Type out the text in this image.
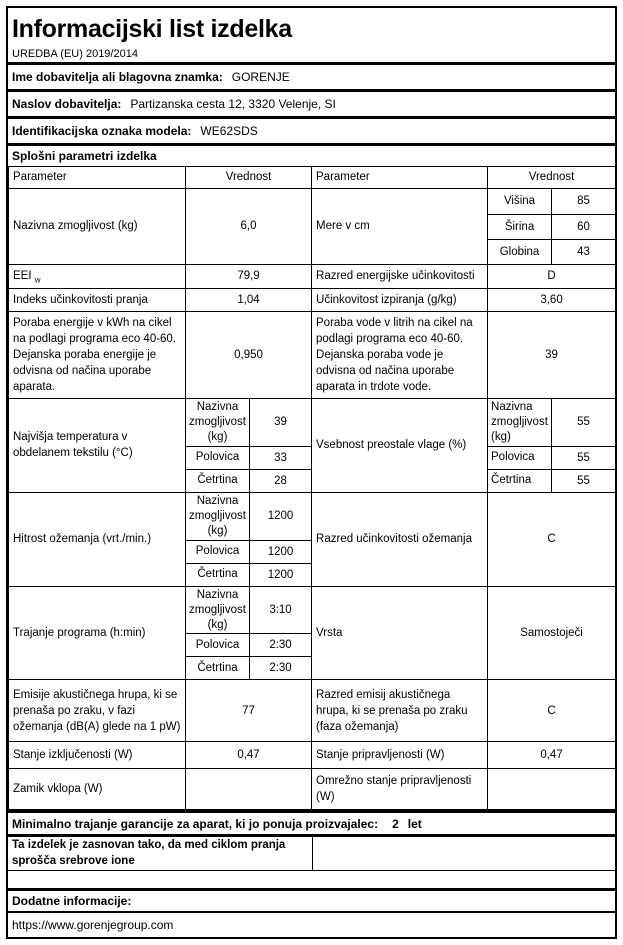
Informacijski list izdelka
UREDBA (EU) 2019/2014
Ime dobavitelja ali blagovna znamka: GORENJE
Naslov dobavitelja: Partizanska cesta 12, 3320 Velenje, SI
Identifikacijska oznaka modela: WE62SDS
Splošni parametri izdelka
Parameter	Vrednost		Parameter	Vrednost	
Nazivna zmogljivost (kg)	6,0		Mere v cm	Višina	85
				Širina	60
				Globina	43
EEI $_w$	79,9		Razred energijske učinkovitosti	D	
Indeks učinkovitosti pranja	1,04		Učinkovitost izpiranja (g/kg)	3,60	
Poraba energije v kWh na cikel na podlagi programa eco 40-60. Dejanska poraba energije je odvisna od načina uporabe aparata.	0,950		Poraba vode v litrih na cikel na podlagi programa eco 40-60. Dejanska poraba vode je odvisna od načina uporabe aparata in trdote vode.	39	
Najvišja temperatura v obdelanem tekstilu (°C)	Nazivna zmogljivost (kg)	39	Vsebnost preostale vlage (%)	Nazivna zmogljivost (kg)	55
	Polovica	33		Polovica	55
	Četrtina	28		Četrtina	55
Hitrost ožemanja (vrt./min.)	Nazivna zmogljivost (kg)	1200	Razred učinkovitosti ožemanja	C	
	Polovica	1200			
	Četrtina	1200			
Trajanje programa (h:min)	Nazivna zmogljivost (kg)	3:10	Vrsta	Samostoječi	
	Polovica	2:30			
	Četrtina	2:30			
Emisije akustičnega hrupa, ki se prenaša po zraku, v fazi ožemanja (dB(A) glede na 1 pW)	77		Razred emisij akustičnega hrupa, ki se prenaša po zraku (faza ožemanja)	C	
Stanje izključenosti (W)	0,47		Stanje pripravljenosti (W)	0,47	
Zamik vklopa (W)			Omrežno stanje pripravljenosti (W)		
Minimalno trajanje garancije za aparat, ki jo ponuja proizvajalec: 2 let
Ta izdelek je zasnovan tako, da med ciklom pranja sprošča srebrove ione
Dodatne informacije:
https://www.gorenjegroup.com
